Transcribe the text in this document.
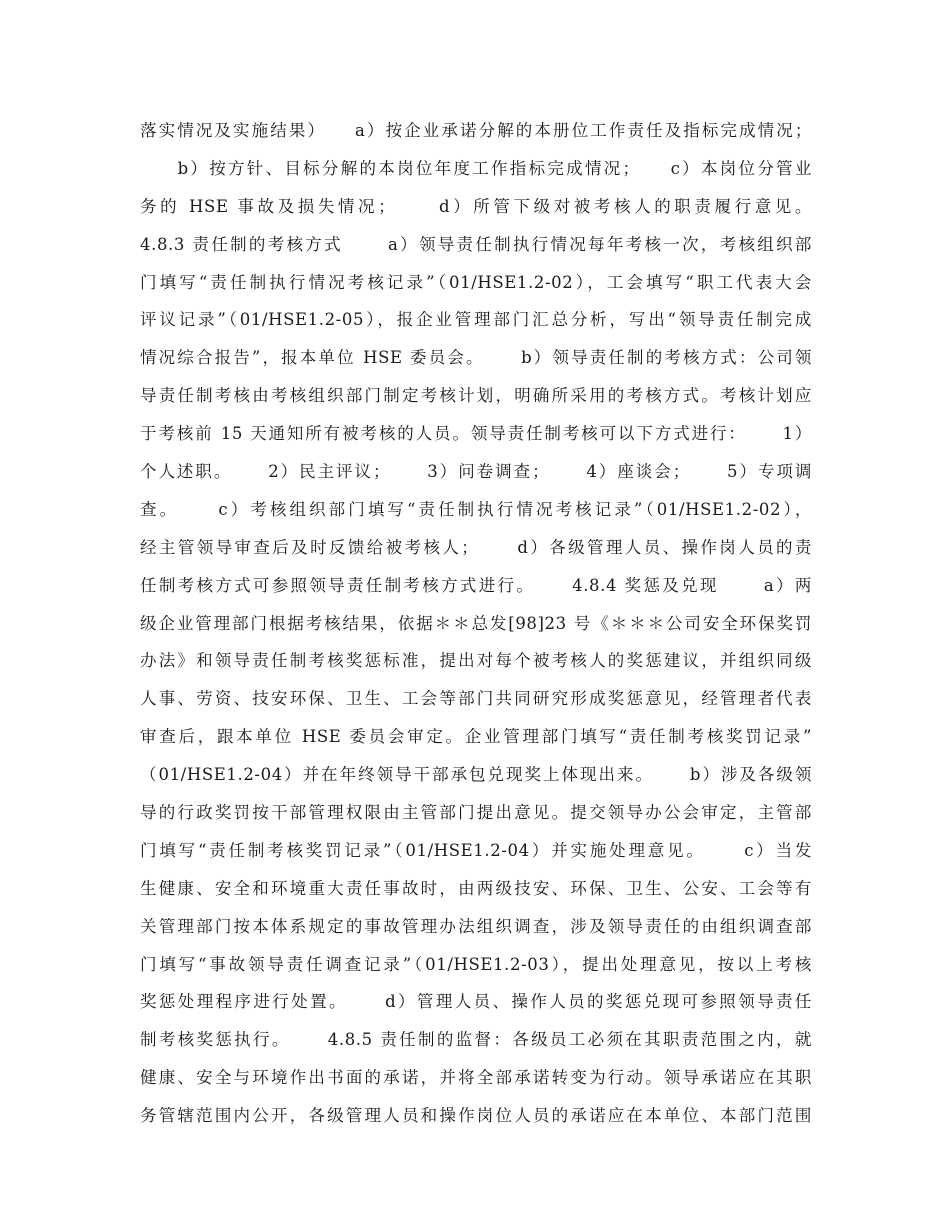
落实情况及实施结果）　　a）按企业承诺分解的本册位工作责任及指标完成情况；
　　b）按方针、目标分解的本岗位年度工作指标完成情况；　　c）本岗位分管业
务的 HSE 事故及损失情况；　　 d）所管下级对被考核人的职责履行意见。
4.8.3 责任制的考核方式　　 a）领导责任制执行情况每年考核一次，考核组织部
门填写“责任制执行情况考核记录”（01/HSE1.2-02），工会填写“职工代表大会
评议记录”（01/HSE1.2-05），报企业管理部门汇总分析，写出“领导责任制完成
情况综合报告”，报本单位 HSE 委员会。　　 b）领导责任制的考核方式：公司领
导责任制考核由考核组织部门制定考核计划，明确所采用的考核方式。考核计划应
于考核前 15 天通知所有被考核的人员。领导责任制考核可以下方式进行：　　 1）
个人述职。　　 2）民主评议；　　 3）问卷调查；　　 4）座谈会；　　 5）专项调
查。　　 c）考核组织部门填写“责任制执行情况考核记录”（01/HSE1.2-02），
经主管领导审查后及时反馈给被考核人；　　 d）各级管理人员、操作岗人员的责
任制考核方式可参照领导责任制考核方式进行。　　 4.8.4 奖惩及兑现　　 a）两
级企业管理部门根据考核结果，依据＊＊总发[98]23 号《＊＊＊公司安全环保奖罚
办法》和领导责任制考核奖惩标准，提出对每个被考核人的奖惩建议，并组织同级
人事、劳资、技安环保、卫生、工会等部门共同研究形成奖惩意见，经管理者代表
审查后，跟本单位 HSE 委员会审定。企业管理部门填写“责任制考核奖罚记录”
（01/HSE1.2-04）并在年终领导干部承包兑现奖上体现出来。　　 b）涉及各级领
导的行政奖罚按干部管理权限由主管部门提出意见。提交领导办公会审定，主管部
门填写“责任制考核奖罚记录”（01/HSE1.2-04）并实施处理意见。　　 c）当发
生健康、安全和环境重大责任事故时，由两级技安、环保、卫生、公安、工会等有
关管理部门按本体系规定的事故管理办法组织调查，涉及领导责任的由组织调查部
门填写“事故领导责任调查记录”（01/HSE1.2-03），提出处理意见，按以上考核
奖惩处理程序进行处置。　　 d）管理人员、操作人员的奖惩兑现可参照领导责任
制考核奖惩执行。　　 4.8.5 责任制的监督：各级员工必须在其职责范围之内，就
健康、安全与环境作出书面的承诺，并将全部承诺转变为行动。领导承诺应在其职
务管辖范围内公开，各级管理人员和操作岗位人员的承诺应在本单位、本部门范围
